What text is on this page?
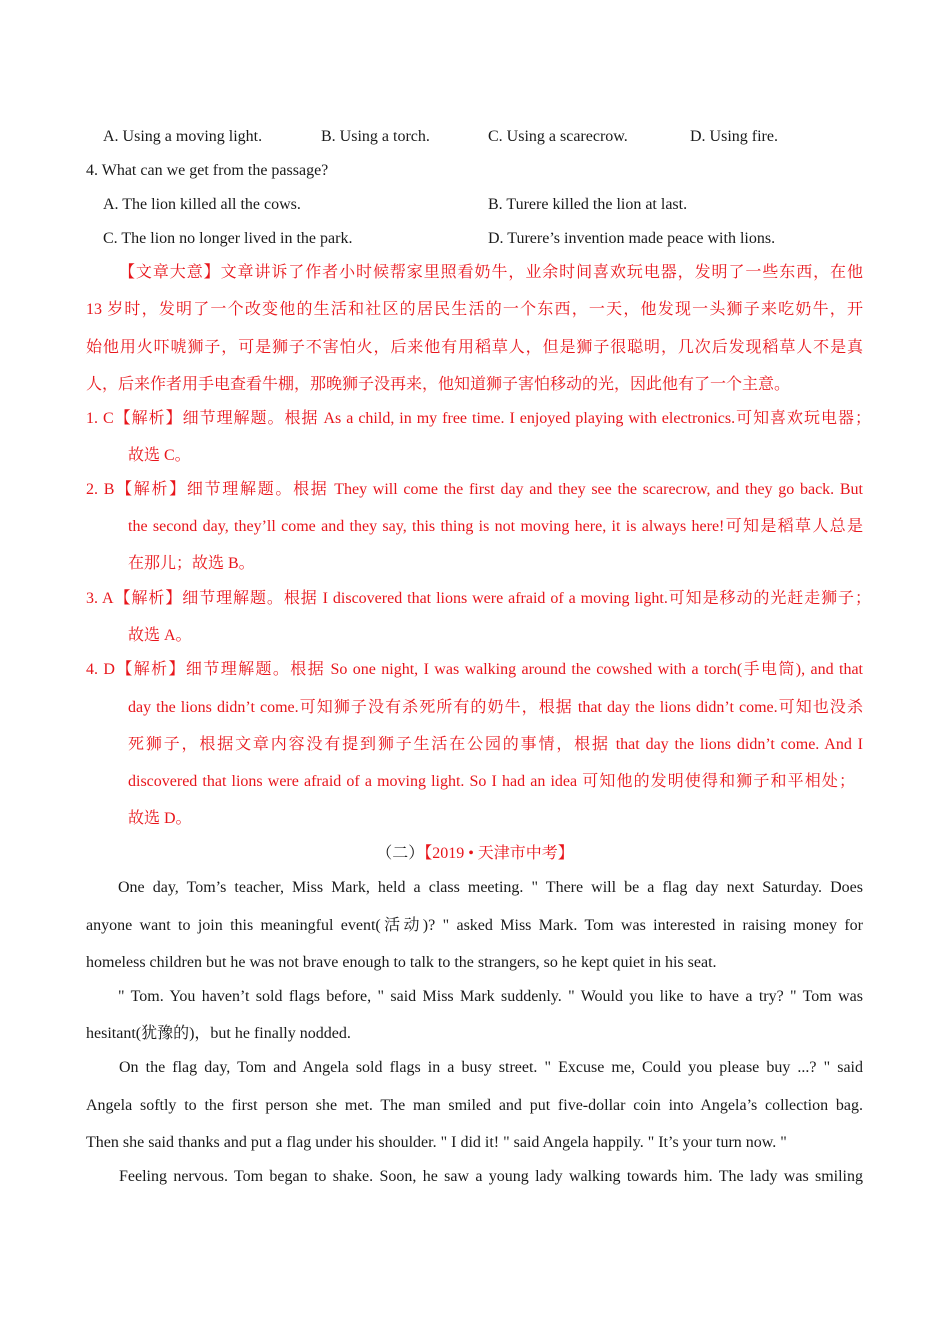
A. Using a moving light.	B. Using a torch.	C. Using a scarecrow.	D. Using fire.
4. What can we get from the passage?
A. The lion killed all the cows.	B. Turere killed the lion at last.
C. The lion no longer lived in the park.	D. Turere’s invention made peace with lions.
【文章大意】文章讲诉了作者小时候帮家里照看奶牛，业余时间喜欢玩电器，发明了一些东西，在他
13 岁时，发明了一个改变他的生活和社区的居民生活的一个东西，一天，他发现一头狮子来吃奶牛，开
始他用火吓唬狮子，可是狮子不害怕火，后来他有用稻草人，但是狮子很聪明，几次后发现稻草人不是真
人，后来作者用手电查看牛棚，那晚狮子没再来，他知道狮子害怕移动的光，因此他有了一个主意。
1. C【解析】细节理解题。根据 As a child, in my free time. I enjoyed playing with electronics.可知喜欢玩电器；
故选 C。
2. B【解析】细节理解题。根据 They will come the first day and they see the scarecrow, and they go back. But
the second day, they’ll come and they say, this thing is not moving here, it is always here!可知是稻草人总是
在那儿；故选 B。
3. A【解析】细节理解题。根据 I discovered that lions were afraid of a moving light.可知是移动的光赶走狮子；
故选 A。
4. D【解析】细节理解题。根据 So one night, I was walking around the cowshed with a torch(手电筒), and that
day the lions didn’t come.可知狮子没有杀死所有的奶牛，根据 that day the lions didn’t come.可知也没杀
死狮子，根据文章内容没有提到狮子生活在公园的事情，根据 that day the lions didn’t come. And I
discovered that lions were afraid of a moving light. So I had an idea 可知他的发明使得和狮子和平相处；
故选 D。
（二）【2019 • 天津市中考】
One day, Tom’s teacher, Miss Mark, held a class meeting. " There will be a flag day next Saturday. Does
anyone want to join this meaningful event(活动)? " asked Miss Mark. Tom was interested in raising money for
homeless children but he was not brave enough to talk to the strangers, so he kept quiet in his seat.
" Tom. You haven’t sold flags before, " said Miss Mark suddenly. " Would you like to have a try? " Tom was
hesitant(犹豫的)，but he finally nodded.
On the flag day, Tom and Angela sold flags in a busy street. " Excuse me, Could you please buy ...? " said
Angela softly to the first person she met. The man smiled and put five-dollar coin into Angela’s collection bag.
Then she said thanks and put a flag under his shoulder. " I did it! " said Angela happily. " It’s your turn now. "
Feeling nervous. Tom began to shake. Soon, he saw a young lady walking towards him. The lady was smiling
